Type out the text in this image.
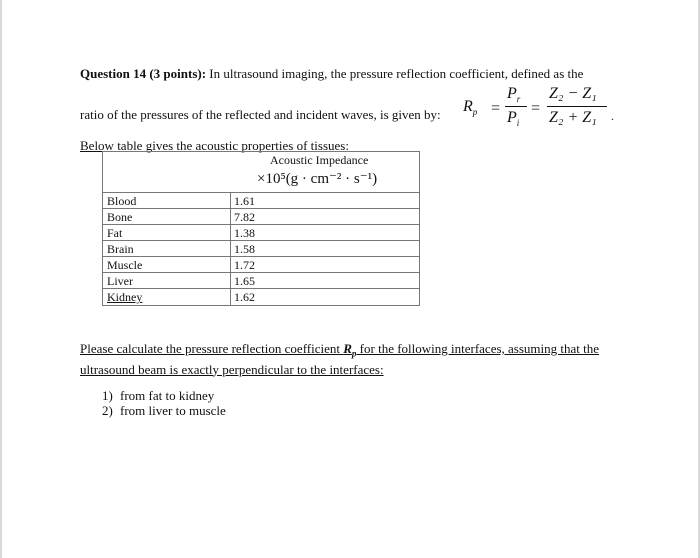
Question 14 (3 points): In ultrasound imaging, the pressure reflection coefficient, defined as the
ratio of the pressures of the reflected and incident waves, is given by: $R_p$ =
$P_r$
$P_i$
=
Z₂ − Z₁
Z₂ + Z₁ .
Below table gives the acoustic properties of tissues:
Acoustic Impedance
×10⁵(g · cm⁻² · s⁻¹)
Blood	1.61
Bone	7.82
Fat	1.38
Brain	1.58
Muscle	1.72
Liver	1.65
Kidney	1.62
Please calculate the pressure reflection coefficient $R_p$ for the following interfaces, assuming that the ultrasound beam is exactly perpendicular to the interfaces:
1) from fat to kidney
2) from liver to muscle
